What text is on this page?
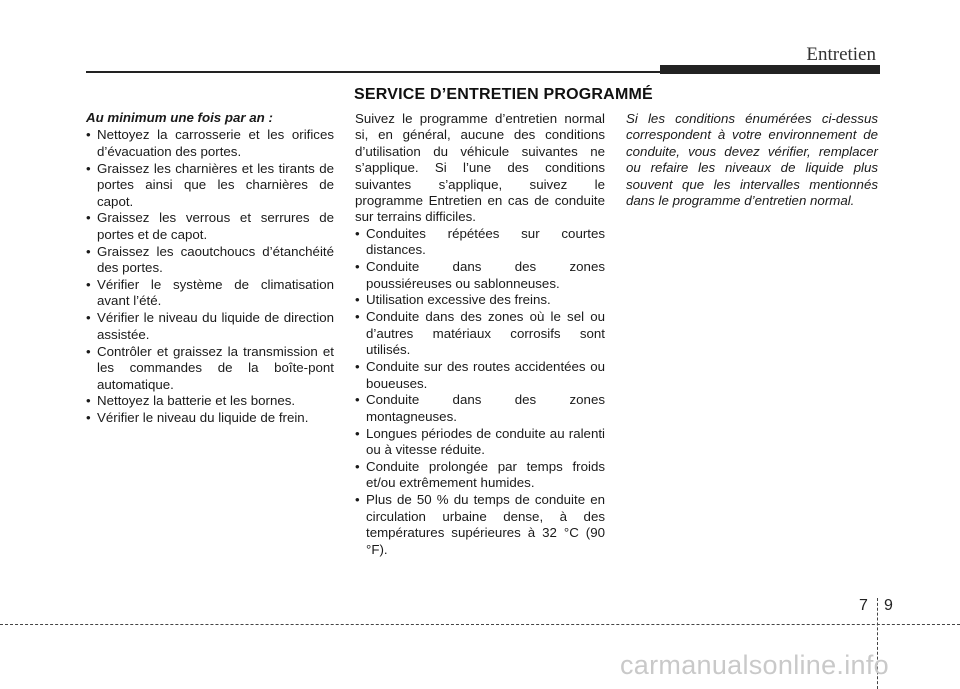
Entretien
SERVICE D’ENTRETIEN PROGRAMMÉ

Au minimum une fois par an :

• Nettoyez la carrosserie et les orifices d’évacuation des portes.
• Graissez les charnières et les tirants de portes ainsi que les charnières de capot.
• Graissez les verrous et serrures de portes et de capot.
• Graissez les caoutchoucs d’étanchéité des portes.
• Vérifier le système de climatisation avant l’été.
• Vérifier le niveau du liquide de direction assistée.
• Contrôler et graissez la transmission et les commandes de la boîte-pont automatique.
• Nettoyez la batterie et les bornes.
• Vérifier le niveau du liquide de frein.

Suivez le programme d’entretien normal si, en général, aucune des conditions d’utilisation du véhicule suivantes ne s’applique. Si l’une des conditions suivantes s’applique, suivez le programme Entretien en cas de conduite sur terrains difficiles.

• Conduites répétées sur courtes distances.
• Conduite dans des zones poussiéreuses ou sablonneuses.
• Utilisation excessive des freins.
• Conduite dans des zones où le sel ou d’autres matériaux corrosifs sont utilisés.
• Conduite sur des routes accidentées ou boueuses.
• Conduite dans des zones montagneuses.
• Longues périodes de conduite au ralenti ou à vitesse réduite.
• Conduite prolongée par temps froids et/ou extrêmement humides.
• Plus de 50 % du temps de conduite en circulation urbaine dense, à des températures supérieures à 32 °C (90 °F).

Si les conditions énumérées ci-dessus correspondent à votre environnement de conduite, vous devez vérifier, remplacer ou refaire les niveaux de liquide plus souvent que les intervalles mentionnés dans le programme d’entretien normal.

7 9
carmanualsonline.info
